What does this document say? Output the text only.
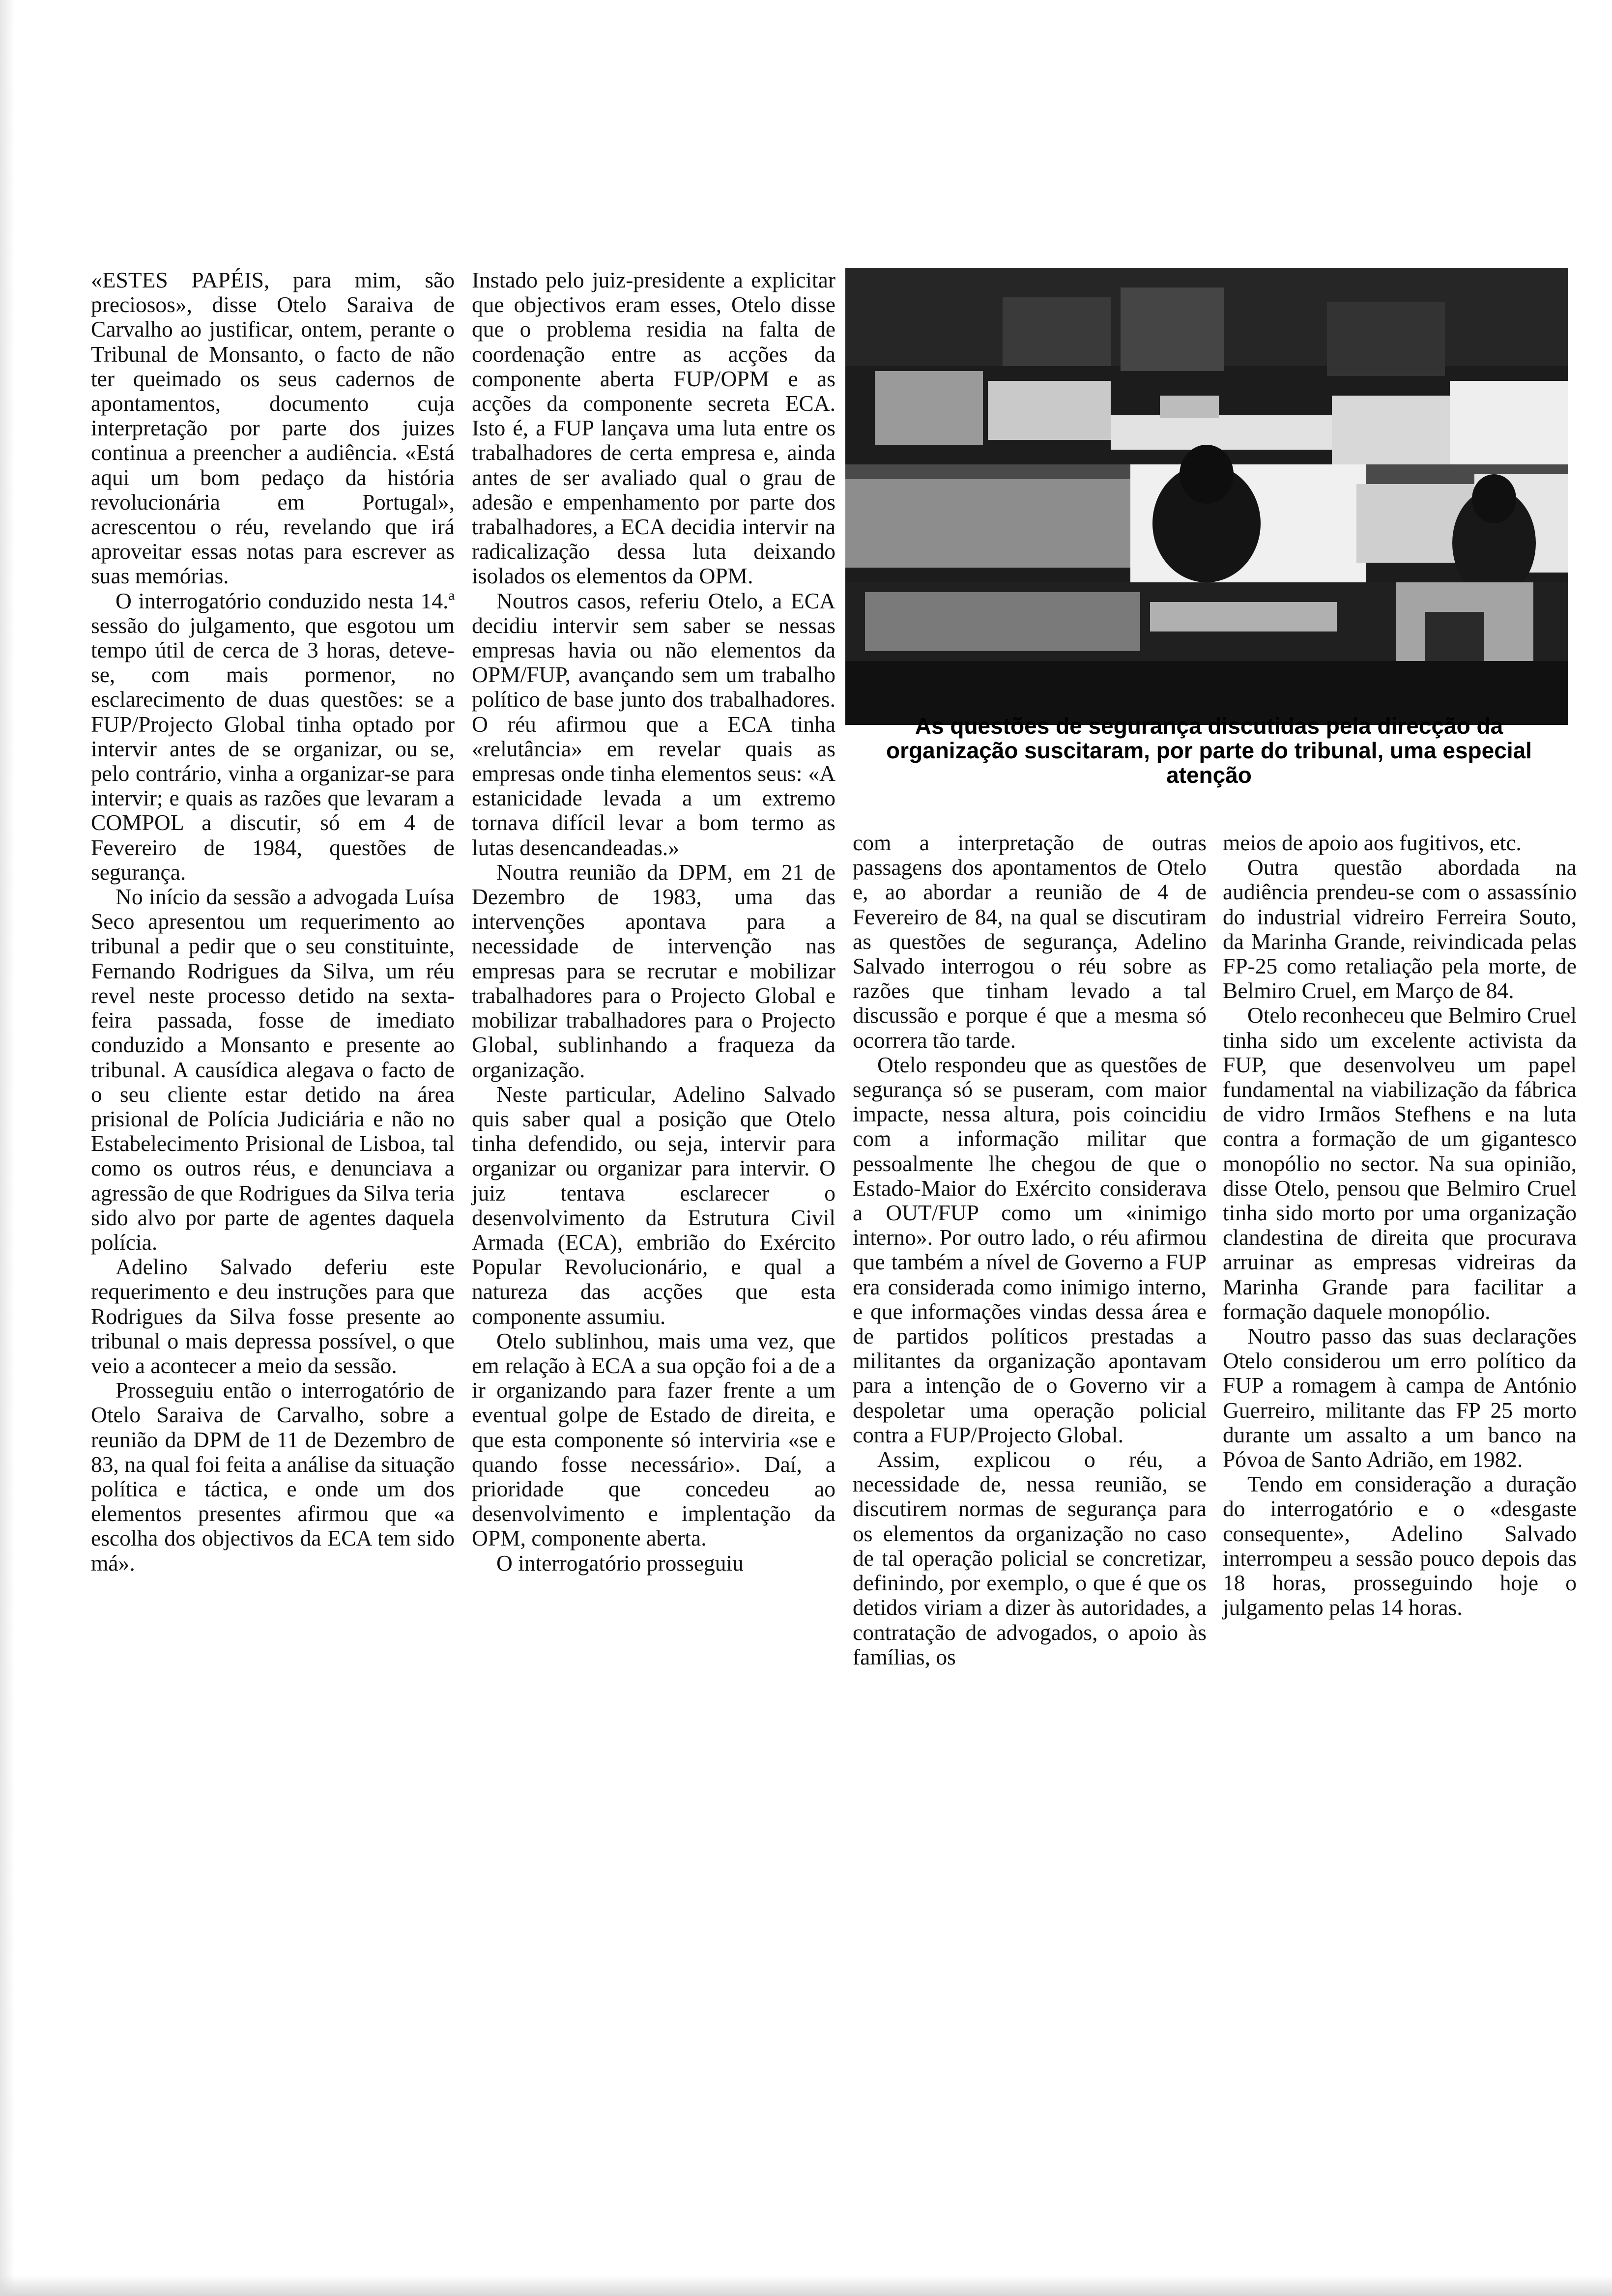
«ESTES PAPÉIS, para mim, são preciosos», disse Otelo Saraiva de Carvalho ao justificar, ontem, perante o Tribunal de Monsanto, o facto de não ter queimado os seus cadernos de apontamentos, documento cuja interpretação por parte dos juizes continua a preencher a audiência. «Está aqui um bom pedaço da história revolucionária em Portugal», acrescentou o réu, revelando que irá aproveitar essas notas para escrever as suas memórias.

O interrogatório conduzido nesta 14.ª sessão do julgamento, que esgotou um tempo útil de cerca de 3 horas, deteve-se, com mais pormenor, no esclarecimento de duas questões: se a FUP/Projecto Global tinha optado por intervir antes de se organizar, ou se, pelo contrário, vinha a organizar-se para intervir; e quais as razões que levaram a COMPOL a discutir, só em 4 de Fevereiro de 1984, questões de segurança.

No início da sessão a advogada Luísa Seco apresentou um requerimento ao tribunal a pedir que o seu constituinte, Fernando Rodrigues da Silva, um réu revel neste processo detido na sexta-feira passada, fosse de imediato conduzido a Monsanto e presente ao tribunal. A causídica alegava o facto de o seu cliente estar detido na área prisional de Polícia Judiciária e não no Estabelecimento Prisional de Lisboa, tal como os outros réus, e denunciava a agressão de que Rodrigues da Silva teria sido alvo por parte de agentes daquela polícia.

Adelino Salvado deferiu este requerimento e deu instruções para que Rodrigues da Silva fosse presente ao tribunal o mais depressa possível, o que veio a acontecer a meio da sessão.

Prosseguiu então o interrogatório de Otelo Saraiva de Carvalho, sobre a reunião da DPM de 11 de Dezembro de 83, na qual foi feita a análise da situação política e táctica, e onde um dos elementos presentes afirmou que «a escolha dos objectivos da ECA tem sido má».

Instado pelo juiz-presidente a explicitar que objectivos eram esses, Otelo disse que o problema residia na falta de coordenação entre as acções da componente aberta FUP/OPM e as acções da componente secreta ECA. Isto é, a FUP lançava uma luta entre os trabalhadores de certa empresa e, ainda antes de ser avaliado qual o grau de adesão e empenhamento por parte dos trabalhadores, a ECA decidia intervir na radicalização dessa luta deixando isolados os elementos da OPM.

Noutros casos, referiu Otelo, a ECA decidiu intervir sem saber se nessas empresas havia ou não elementos da OPM/FUP, avançando sem um trabalho político de base junto dos trabalhadores. O réu afirmou que a ECA tinha «relutância» em revelar quais as empresas onde tinha elementos seus: «A estanicidade levada a um extremo tornava difícil levar a bom termo as lutas desencandeadas.»

Noutra reunião da DPM, em 21 de Dezembro de 1983, uma das intervenções apontava para a necessidade de intervenção nas empresas para se recrutar e mobilizar trabalhadores para o Projecto Global e mobilizar trabalhadores para o Projecto Global, sublinhando a fraqueza da organização.

Neste particular, Adelino Salvado quis saber qual a posição que Otelo tinha defendido, ou seja, intervir para organizar ou organizar para intervir. O juiz tentava esclarecer o desenvolvimento da Estrutura Civil Armada (ECA), embrião do Exército Popular Revolucionário, e qual a natureza das acções que esta componente assumiu.

Otelo sublinhou, mais uma vez, que em relação à ECA a sua opção foi a de a ir organizando para fazer frente a um eventual golpe de Estado de direita, e que esta componente só interviria «se e quando fosse necessário». Daí, a prioridade que concedeu ao desenvolvimento e implentação da OPM, componente aberta.

O interrogatório prosseguiu

As questões de segurança discutidas pela direcção da organização suscitaram, por parte do tribunal, uma especial atenção

com a interpretação de outras passagens dos apontamentos de Otelo e, ao abordar a reunião de 4 de Fevereiro de 84, na qual se discutiram as questões de segurança, Adelino Salvado interrogou o réu sobre as razões que tinham levado a tal discussão e porque é que a mesma só ocorrera tão tarde.

Otelo respondeu que as questões de segurança só se puseram, com maior impacte, nessa altura, pois coincidiu com a informação militar que pessoalmente lhe chegou de que o Estado-Maior do Exército considerava a OUT/FUP como um «inimigo interno». Por outro lado, o réu afirmou que também a nível de Governo a FUP era considerada como inimigo interno, e que informações vindas dessa área e de partidos políticos prestadas a militantes da organização apontavam para a intenção de o Governo vir a despoletar uma operação policial contra a FUP/Projecto Global.

Assim, explicou o réu, a necessidade de, nessa reunião, se discutirem normas de segurança para os elementos da organização no caso de tal operação policial se concretizar, definindo, por exemplo, o que é que os detidos viriam a dizer às autoridades, a contratação de advogados, o apoio às famílias, os

meios de apoio aos fugitivos, etc.

Outra questão abordada na audiência prendeu-se com o assassínio do industrial vidreiro Ferreira Souto, da Marinha Grande, reivindicada pelas FP-25 como retaliação pela morte, de Belmiro Cruel, em Março de 84.

Otelo reconheceu que Belmiro Cruel tinha sido um excelente activista da FUP, que desenvolveu um papel fundamental na viabilização da fábrica de vidro Irmãos Stefhens e na luta contra a formação de um gigantesco monopólio no sector. Na sua opinião, disse Otelo, pensou que Belmiro Cruel tinha sido morto por uma organização clandestina de direita que procurava arruinar as empresas vidreiras da Marinha Grande para facilitar a formação daquele monopólio.

Noutro passo das suas declarações Otelo considerou um erro político da FUP a romagem à campa de António Guerreiro, militante das FP 25 morto durante um assalto a um banco na Póvoa de Santo Adrião, em 1982.

Tendo em consideração a duração do interrogatório e o «desgaste consequente», Adelino Salvado interrompeu a sessão pouco depois das 18 horas, prosseguindo hoje o julgamento pelas 14 horas.
